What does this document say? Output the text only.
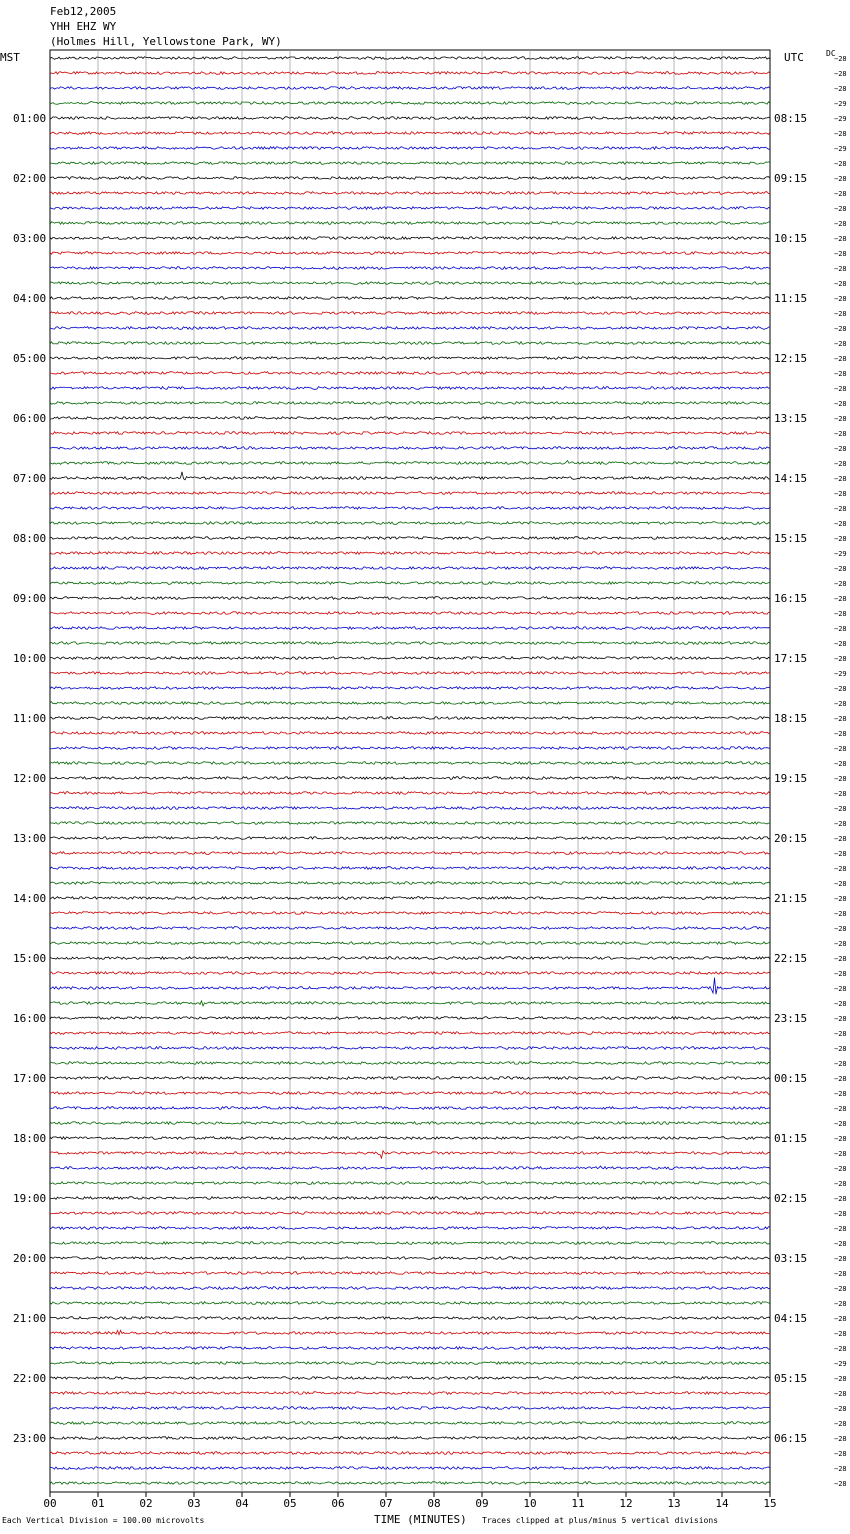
Feb12,2005
YHH EHZ WY
(Holmes Hill, Yellowstone Park, WY)
MST	UTC	DC
−28
−28
−28
−29
−29
−28
−29
−28
−28
−28
−28
−28
−28
−28
−28
−28
−28
−28
−28
−28
−28
−28
−28
−28
−28
−28
−28
−28
−28
−28
−28
−28
−28
−29
−28
−28
−28
−28
−28
−28
−28
−29
−28
−28
−28
−28
−28
−28
−28
−28
−28
−28
−28
−28
−28
−28
−28
−28
−28
−28
−28
−28
−28
−28
−28
−28
−28
−28
−28
−28
−28
−28
−28
−28
−28
−28
−28
−28
−28
−28
−28
−28
−28
−28
−28
−28
−28
−29
−28
−28
−28
−28
−28
−28
−28
−28
01:00
02:00
03:00
04:00
05:00
06:00
07:00
08:00
09:00
10:00
11:00
12:00
13:00
14:00
15:00
16:00
17:00
18:00
19:00
20:00
21:00
22:00
23:00
08:15
09:15
10:15
11:15
12:15
13:15
14:15
15:15
16:15
17:15
18:15
19:15
20:15
21:15
22:15
23:15
00:15
01:15
02:15
03:15
04:15
05:15
06:15
00	01	02	03	04	05	06	07	08	09	10	11	12	13	14	15
Each Vertical Division = 100.00 microvolts	TIME (MINUTES) Traces clipped at plus/minus 5 vertical divisions
